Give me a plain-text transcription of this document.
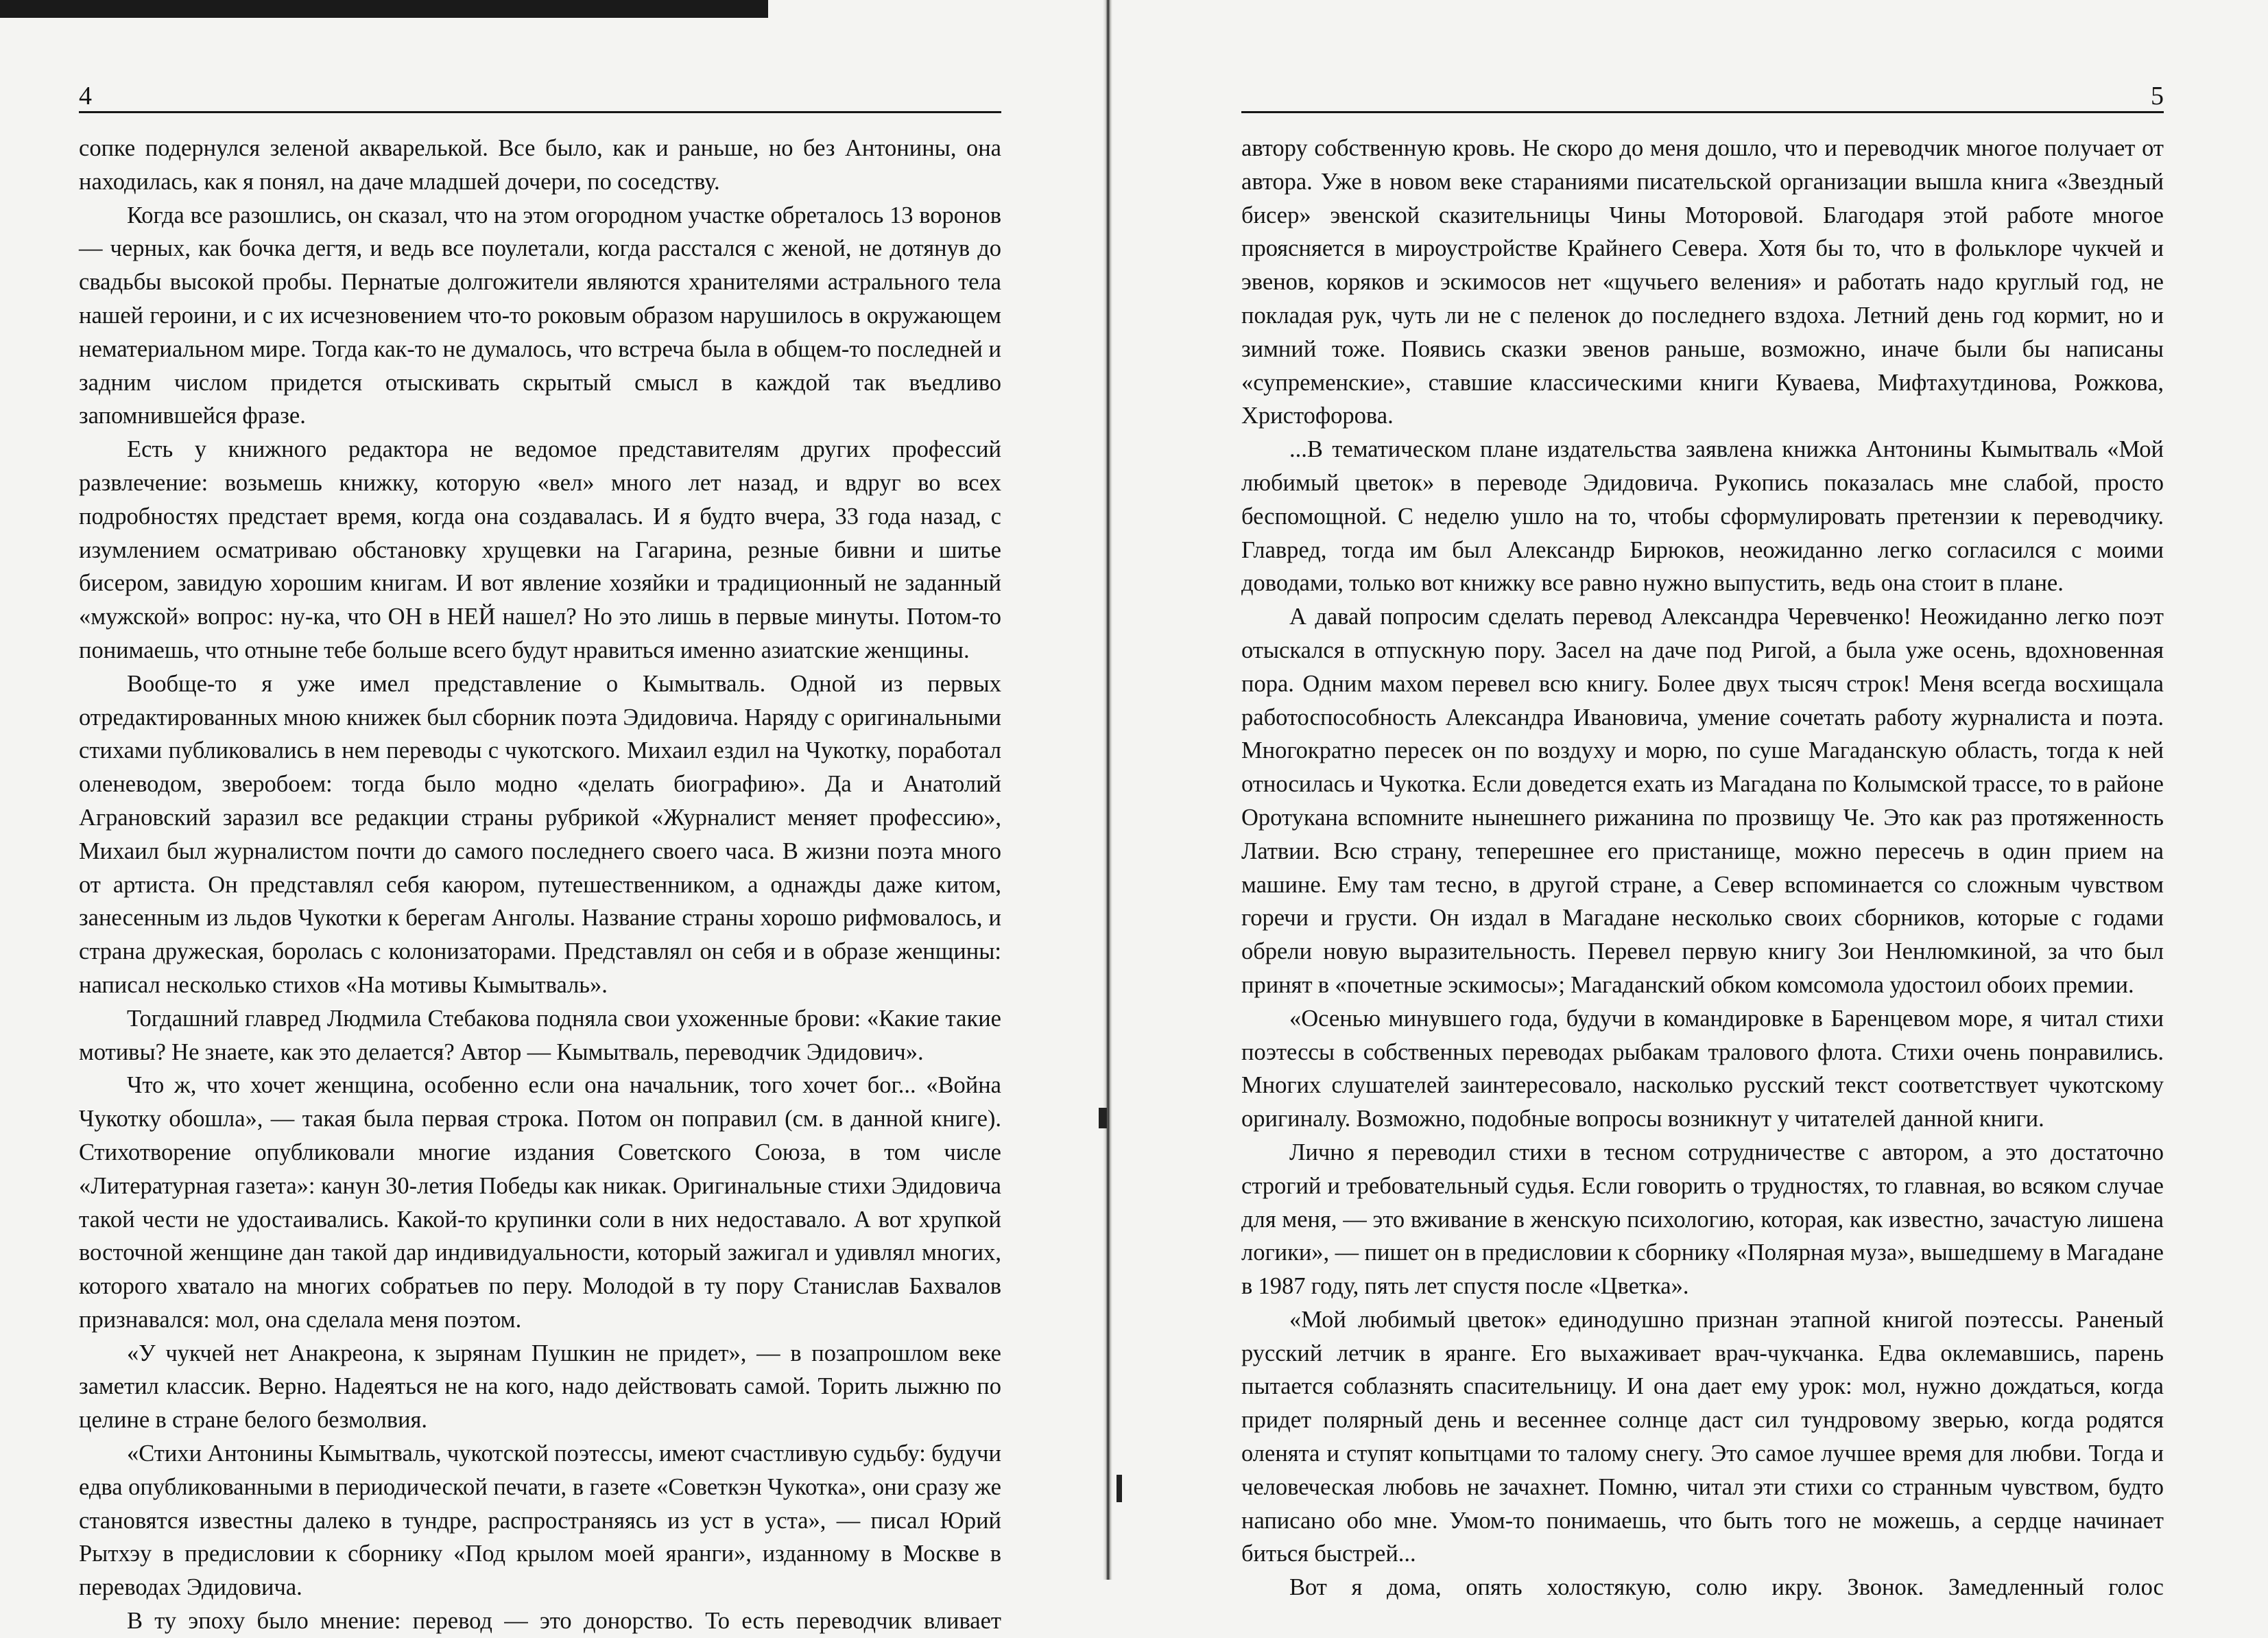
4

сопке подернулся зеленой акварелькой. Все было, как и раньше, но без Антонины, она находилась, как я понял, на даче младшей дочери, по соседству.

Когда все разошлись, он сказал, что на этом огородном участке обреталось 13 воронов — черных, как бочка дегтя, и ведь все поулетали, когда расстался с женой, не дотянув до свадьбы высокой пробы. Пернатые долгожители являются хранителями астрального тела нашей героини, и с их исчезновением что-то роковым образом нарушилось в окружающем нематериальном мире. Тогда как-то не думалось, что встреча была в общем-то последней и задним числом придется отыскивать скрытый смысл в каждой так въедливо запомнившейся фразе.

Есть у книжного редактора не ведомое представителям других профессий развлечение: возьмешь книжку, которую «вел» много лет назад, и вдруг во всех подробностях предстает время, когда она создавалась. И я будто вчера, 33 года назад, с изумлением осматриваю обстановку хрущевки на Гагарина, резные бивни и шитье бисером, завидую хорошим книгам. И вот явление хозяйки и традиционный не заданный «мужской» вопрос: ну-ка, что ОН в НЕЙ нашел? Но это лишь в первые минуты. Потом-то понимаешь, что отныне тебе больше всего будут нравиться именно азиатские женщины.

Вообще-то я уже имел представление о Кымытваль. Одной из первых отредактированных мною книжек был сборник поэта Эдидовича. Наряду с оригинальными стихами публиковались в нем переводы с чукотского. Михаил ездил на Чукотку, поработал оленеводом, зверобоем: тогда было модно «делать биографию». Да и Анатолий Аграновский заразил все редакции страны рубрикой «Журналист меняет профессию», Михаил был журналистом почти до самого последнего своего часа. В жизни поэта много от артиста. Он представлял себя каюром, путешественником, а однажды даже китом, занесенным из льдов Чукотки к берегам Анголы. Название страны хорошо рифмовалось, и страна дружеская, боролась с колонизаторами. Представлял он себя и в образе женщины: написал несколько стихов «На мотивы Кымытваль».

Тогдашний главред Людмила Стебакова подняла свои ухоженные брови: «Какие такие мотивы? Не знаете, как это делается? Автор — Кымытваль, переводчик Эдидович».

Что ж, что хочет женщина, особенно если она начальник, того хочет бог... «Война Чукотку обошла», — такая была первая строка. Потом он поправил (см. в данной книге). Стихотворение опубликовали многие издания Советского Союза, в том числе «Литературная газета»: канун 30-летия Победы как никак. Оригинальные стихи Эдидовича такой чести не удостаивались. Какой-то крупинки соли в них недоставало. А вот хрупкой восточной женщине дан такой дар индивидуальности, который зажигал и удивлял многих, которого хватало на многих собратьев по перу. Молодой в ту пору Станислав Бахвалов признавался: мол, она сделала меня поэтом.

«У чукчей нет Анакреона, к зырянам Пушкин не придет», — в позапрошлом веке заметил классик. Верно. Надеяться не на кого, надо действовать самой. Торить лыжню по целине в стране белого безмолвия.

«Стихи Антонины Кымытваль, чукотской поэтессы, имеют счастливую судьбу: будучи едва опубликованными в периодической печати, в газете «Советкэн Чукотка», они сразу же становятся известны далеко в тундре, распространяясь из уст в уста», — писал Юрий Рытхэу в предисловии к сборнику «Под крылом моей яранги», изданному в Москве в переводах Эдидовича.

В ту эпоху было мнение: перевод — это донорство. То есть переводчик вливает

5

автору собственную кровь. Не скоро до меня дошло, что и переводчик многое получает от автора. Уже в новом веке стараниями писательской организации вышла книга «Звездный бисер» эвенской сказительницы Чины Моторовой. Благодаря этой работе многое проясняется в мироустройстве Крайнего Севера. Хотя бы то, что в фольклоре чукчей и эвенов, коряков и эскимосов нет «щучьего веления» и работать надо круглый год, не покладая рук, чуть ли не с пеленок до последнего вздоха. Летний день год кормит, но и зимний тоже. Появись сказки эвенов раньше, возможно, иначе были бы написаны «супременские», ставшие классическими книги Куваева, Мифтахутдинова, Рожкова, Христофорова.

...В тематическом плане издательства заявлена книжка Антонины Кымытваль «Мой любимый цветок» в переводе Эдидовича. Рукопись показалась мне слабой, просто беспомощной. С неделю ушло на то, чтобы сформулировать претензии к переводчику. Главред, тогда им был Александр Бирюков, неожиданно легко согласился с моими доводами, только вот книжку все равно нужно выпустить, ведь она стоит в плане.

А давай попросим сделать перевод Александра Черевченко! Неожиданно легко поэт отыскался в отпускную пору. Засел на даче под Ригой, а была уже осень, вдохновенная пора. Одним махом перевел всю книгу. Более двух тысяч строк! Меня всегда восхищала работоспособность Александра Ивановича, умение сочетать работу журналиста и поэта. Многократно пересек он по воздуху и морю, по суше Магаданскую область, тогда к ней относилась и Чукотка. Если доведется ехать из Магадана по Колымской трассе, то в районе Оротукана вспомните нынешнего рижанина по прозвищу Че. Это как раз протяженность Латвии. Всю страну, теперешнее его пристанище, можно пересечь в один прием на машине. Ему там тесно, в другой стране, а Север вспоминается со сложным чувством горечи и грусти. Он издал в Магадане несколько своих сборников, которые с годами обрели новую выразительность. Перевел первую книгу Зои Ненлюмкиной, за что был принят в «почетные эскимосы»; Магаданский обком комсомола удостоил обоих премии.

«Осенью минувшего года, будучи в командировке в Баренцевом море, я читал стихи поэтессы в собственных переводах рыбакам тралового флота. Стихи очень понравились. Многих слушателей заинтересовало, насколько русский текст соответствует чукотскому оригиналу. Возможно, подобные вопросы возникнут у читателей данной книги.

Лично я переводил стихи в тесном сотрудничестве с автором, а это достаточно строгий и требовательный судья. Если говорить о трудностях, то главная, во всяком случае для меня, — это вживание в женскую психологию, которая, как известно, зачастую лишена логики», — пишет он в предисловии к сборнику «Полярная муза», вышедшему в Магадане в 1987 году, пять лет спустя после «Цветка».

«Мой любимый цветок» единодушно признан этапной книгой поэтессы. Раненый русский летчик в яранге. Его выхаживает врач-чукчанка. Едва оклемавшись, парень пытается соблазнять спасительницу. И она дает ему урок: мол, нужно дождаться, когда придет полярный день и весеннее солнце даст сил тундровому зверью, когда родятся оленята и ступят копытцами то талому снегу. Это самое лучшее время для любви. Тогда и человеческая любовь не зачахнет. Помню, читал эти стихи со странным чувством, будто написано обо мне. Умом-то понимаешь, что быть того не можешь, а сердце начинает биться быстрей...

Вот я дома, опять холостякую, солю икру. Звонок. Замедленный голос
